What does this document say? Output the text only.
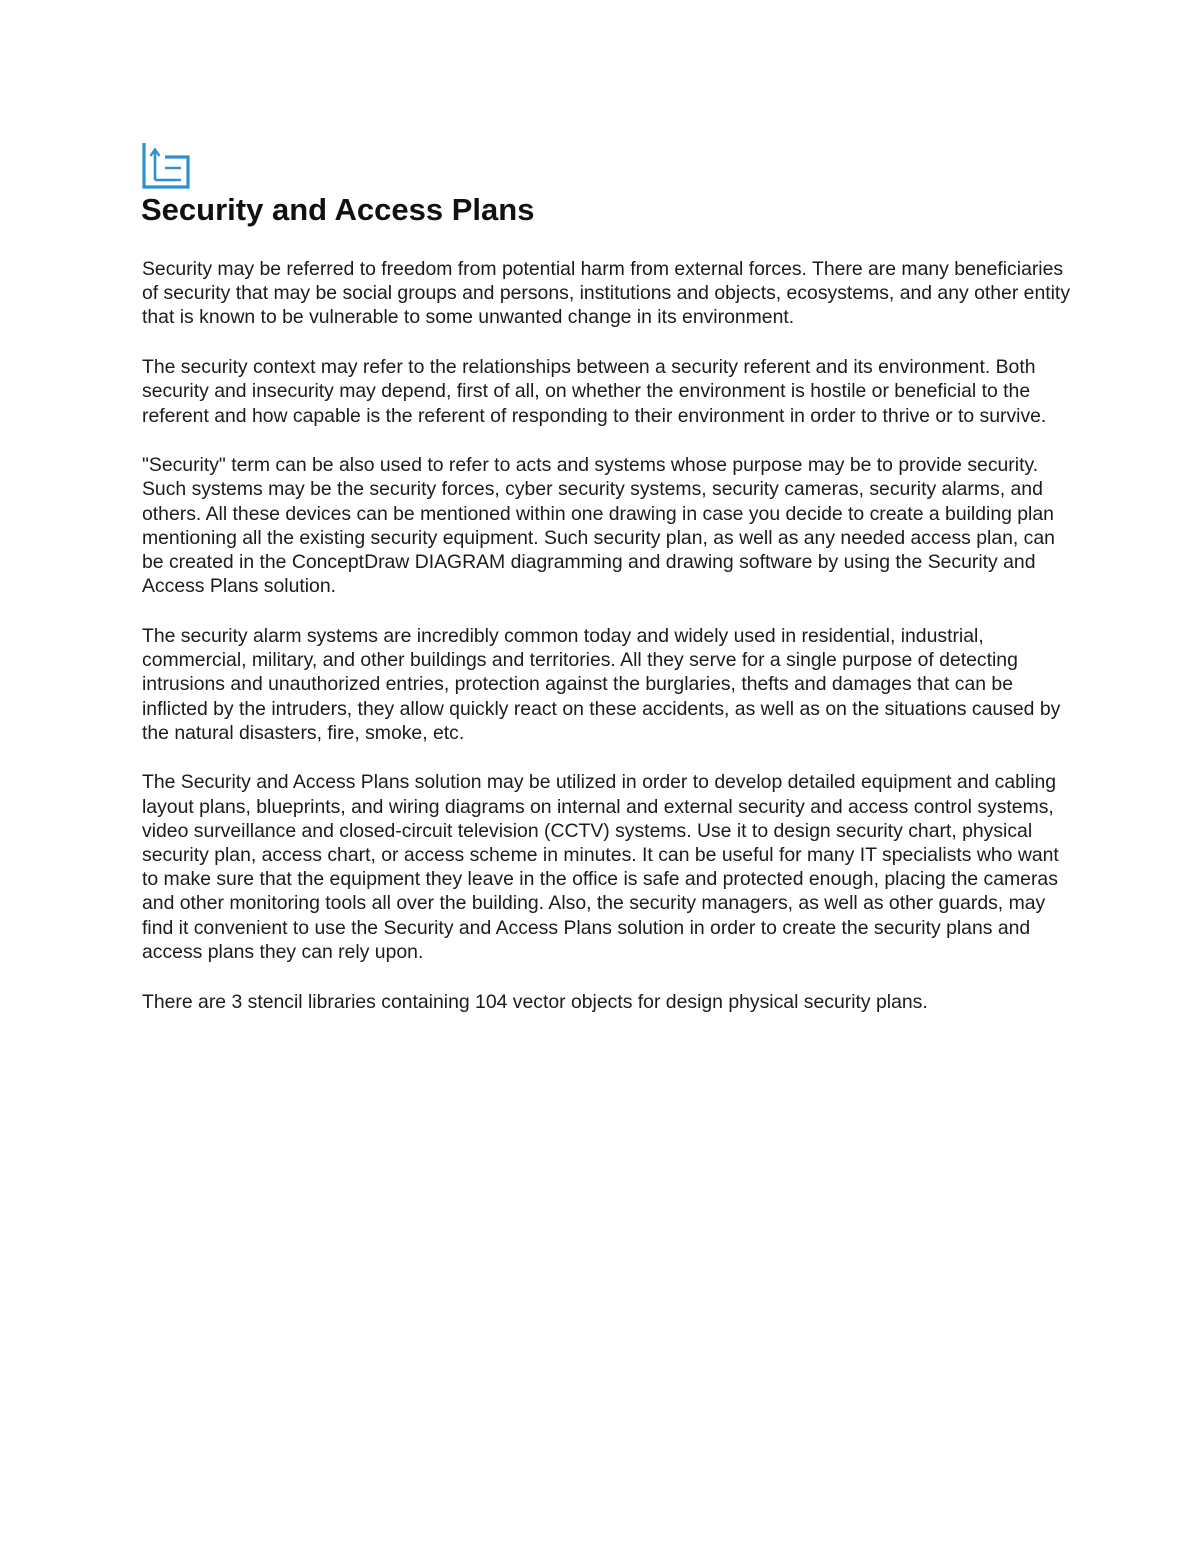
Security and Access Plans

Security may be referred to freedom from potential harm from external forces. There are many beneficiaries of security that may be social groups and persons, institutions and objects, ecosystems, and any other entity that is known to be vulnerable to some unwanted change in its environment.

The security context may refer to the relationships between a security referent and its environment. Both security and insecurity may depend, first of all, on whether the environment is hostile or beneficial to the referent and how capable is the referent of responding to their environment in order to thrive or to survive.

"Security" term can be also used to refer to acts and systems whose purpose may be to provide security. Such systems may be the security forces, cyber security systems, security cameras, security alarms, and others. All these devices can be mentioned within one drawing in case you decide to create a building plan mentioning all the existing security equipment. Such security plan, as well as any needed access plan, can be created in the ConceptDraw DIAGRAM diagramming and drawing software by using the Security and Access Plans solution.

The security alarm systems are incredibly common today and widely used in residential, industrial, commercial, military, and other buildings and territories. All they serve for a single purpose of detecting intrusions and unauthorized entries, protection against the burglaries, thefts and damages that can be inflicted by the intruders, they allow quickly react on these accidents, as well as on the situations caused by the natural disasters, fire, smoke, etc.

The Security and Access Plans solution may be utilized in order to develop detailed equipment and cabling layout plans, blueprints, and wiring diagrams on internal and external security and access control systems, video surveillance and closed-circuit television (CCTV) systems. Use it to design security chart, physical security plan, access chart, or access scheme in minutes. It can be useful for many IT specialists who want to make sure that the equipment they leave in the office is safe and protected enough, placing the cameras and other monitoring tools all over the building. Also, the security managers, as well as other guards, may find it convenient to use the Security and Access Plans solution in order to create the security plans and access plans they can rely upon.

There are 3 stencil libraries containing 104 vector objects for design physical security plans.
